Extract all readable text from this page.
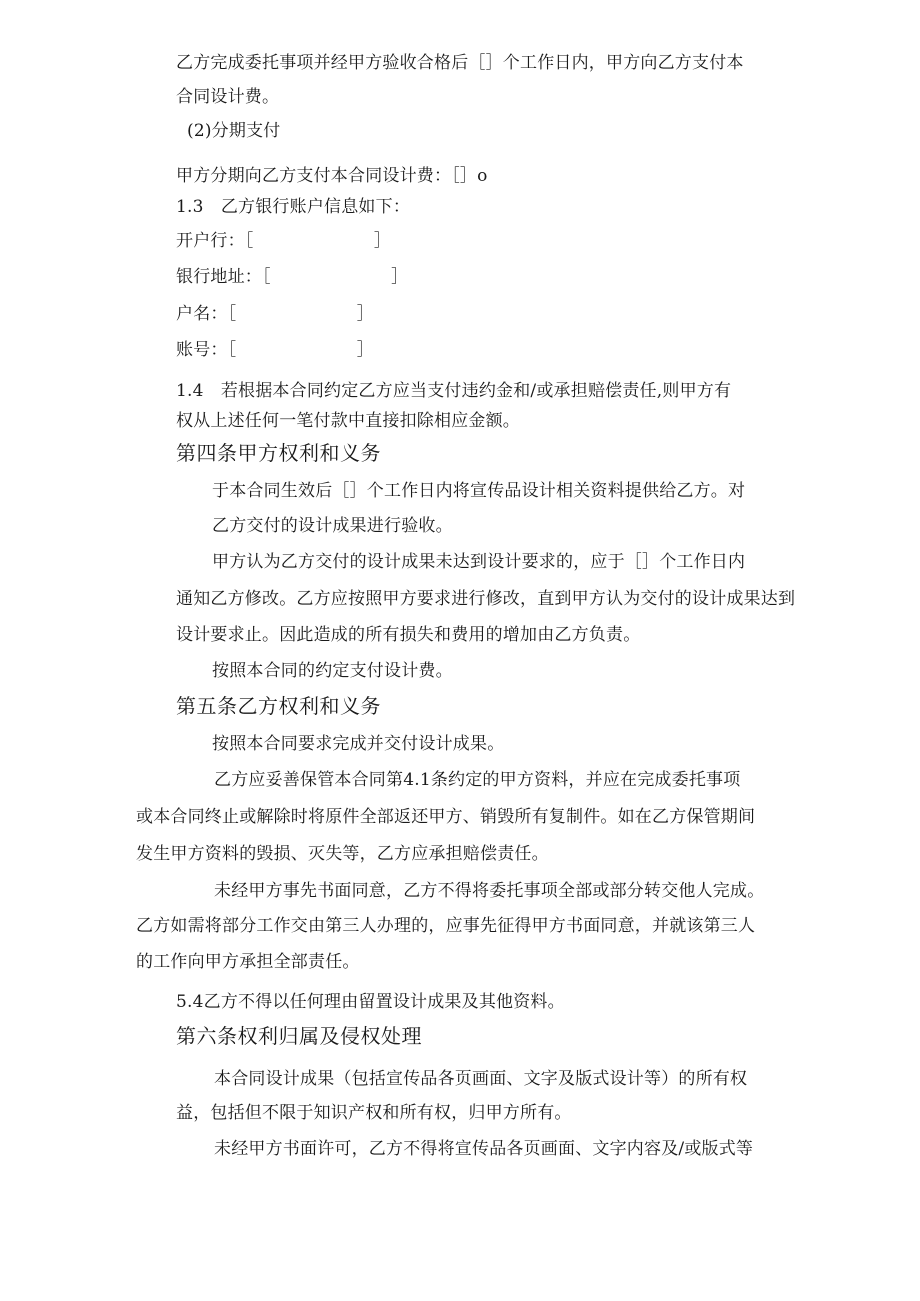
乙方完成委托事项并经甲方验收合格后［］个工作日内，甲方向乙方支付本
合同设计费。
(2)分期支付
甲方分期向乙方支付本合同设计费：［］o
1.3　乙方银行账户信息如下：
开户行：［　　　　　　　］
银行地址：［　　　　　　　］
户名：［　　　　　　　］
账号：［　　　　　　　］
1.4　若根据本合同约定乙方应当支付违约金和/或承担赔偿责任,则甲方有
权从上述任何一笔付款中直接扣除相应金额。
第四条甲方权利和义务
于本合同生效后［］个工作日内将宣传品设计相关资料提供给乙方。对
乙方交付的设计成果进行验收。
甲方认为乙方交付的设计成果未达到设计要求的，应于［］个工作日内
通知乙方修改。乙方应按照甲方要求进行修改，直到甲方认为交付的设计成果达到
设计要求止。因此造成的所有损失和费用的增加由乙方负责。
按照本合同的约定支付设计费。
第五条乙方权利和义务
按照本合同要求完成并交付设计成果。
乙方应妥善保管本合同第4.1条约定的甲方资料，并应在完成委托事项
或本合同终止或解除时将原件全部返还甲方、销毁所有复制件。如在乙方保管期间
发生甲方资料的毁损、灭失等，乙方应承担赔偿责任。
未经甲方事先书面同意，乙方不得将委托事项全部或部分转交他人完成。
乙方如需将部分工作交由第三人办理的，应事先征得甲方书面同意，并就该第三人
的工作向甲方承担全部责任。
5.4乙方不得以任何理由留置设计成果及其他资料。
第六条权利归属及侵权处理
本合同设计成果（包括宣传品各页画面、文字及版式设计等）的所有权
益，包括但不限于知识产权和所有权，归甲方所有。
未经甲方书面许可，乙方不得将宣传品各页画面、文字内容及/或版式等
